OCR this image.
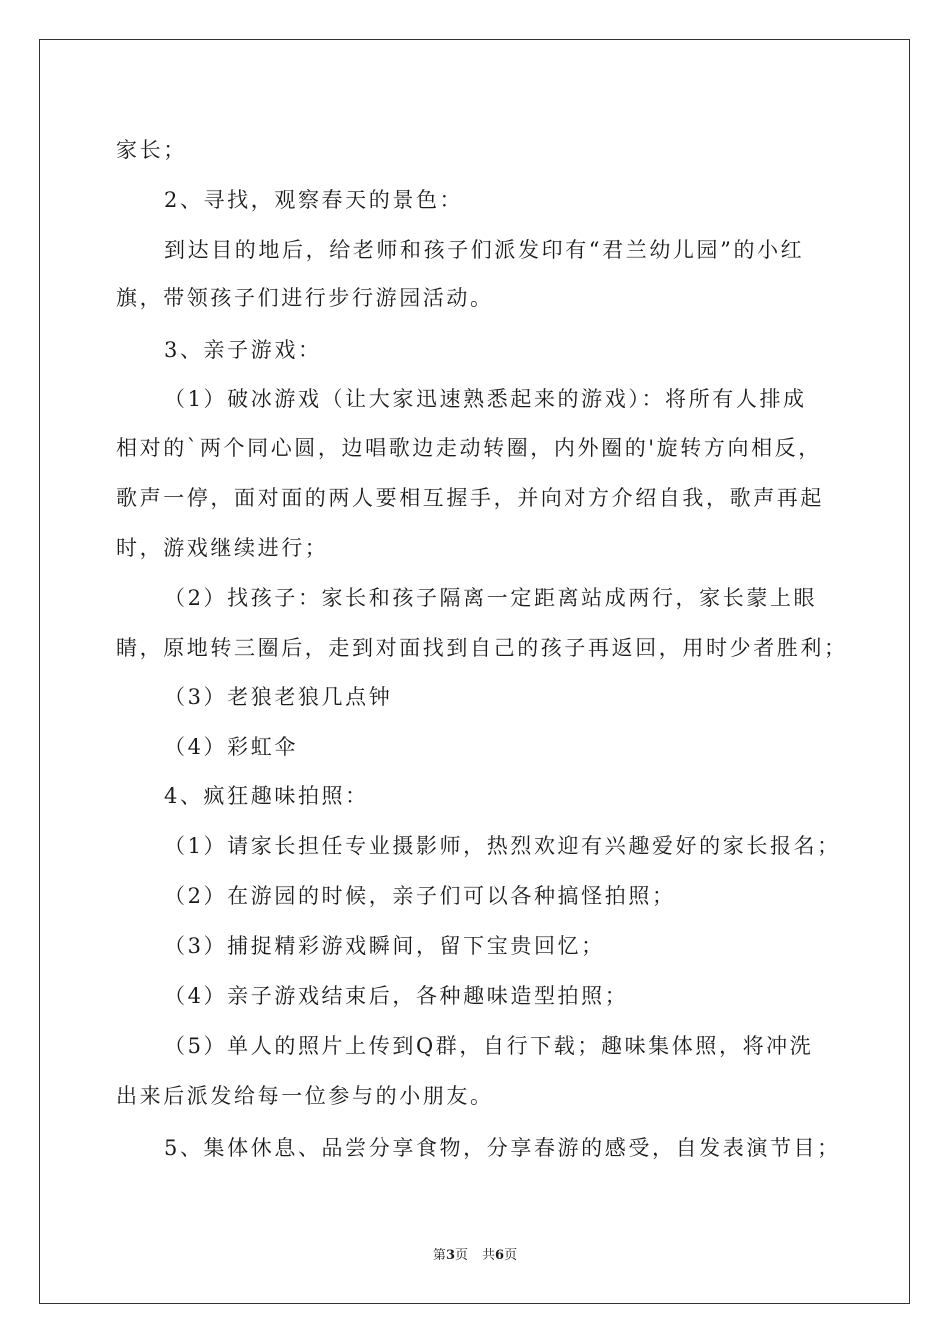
家长；
2、寻找，观察春天的景色：
到达目的地后，给老师和孩子们派发印有“君兰幼儿园”的小红
旗，带领孩子们进行步行游园活动。
3、亲子游戏：
（1）破冰游戏（让大家迅速熟悉起来的游戏）：将所有人排成
相对的`两个同心圆，边唱歌边走动转圈，内外圈的'旋转方向相反，
歌声一停，面对面的两人要相互握手，并向对方介绍自我，歌声再起
时，游戏继续进行；
（2）找孩子：家长和孩子隔离一定距离站成两行，家长蒙上眼
睛，原地转三圈后，走到对面找到自己的孩子再返回，用时少者胜利；
（3）老狼老狼几点钟
（4）彩虹伞
4、疯狂趣味拍照：
（1）请家长担任专业摄影师，热烈欢迎有兴趣爱好的家长报名；
（2）在游园的时候，亲子们可以各种搞怪拍照；
（3）捕捉精彩游戏瞬间，留下宝贵回忆；
（4）亲子游戏结束后，各种趣味造型拍照；
（5）单人的照片上传到Q群，自行下载；趣味集体照，将冲洗
出来后派发给每一位参与的小朋友。
5、集体休息、品尝分享食物，分享春游的感受，自发表演节目；
第3页 共6页
